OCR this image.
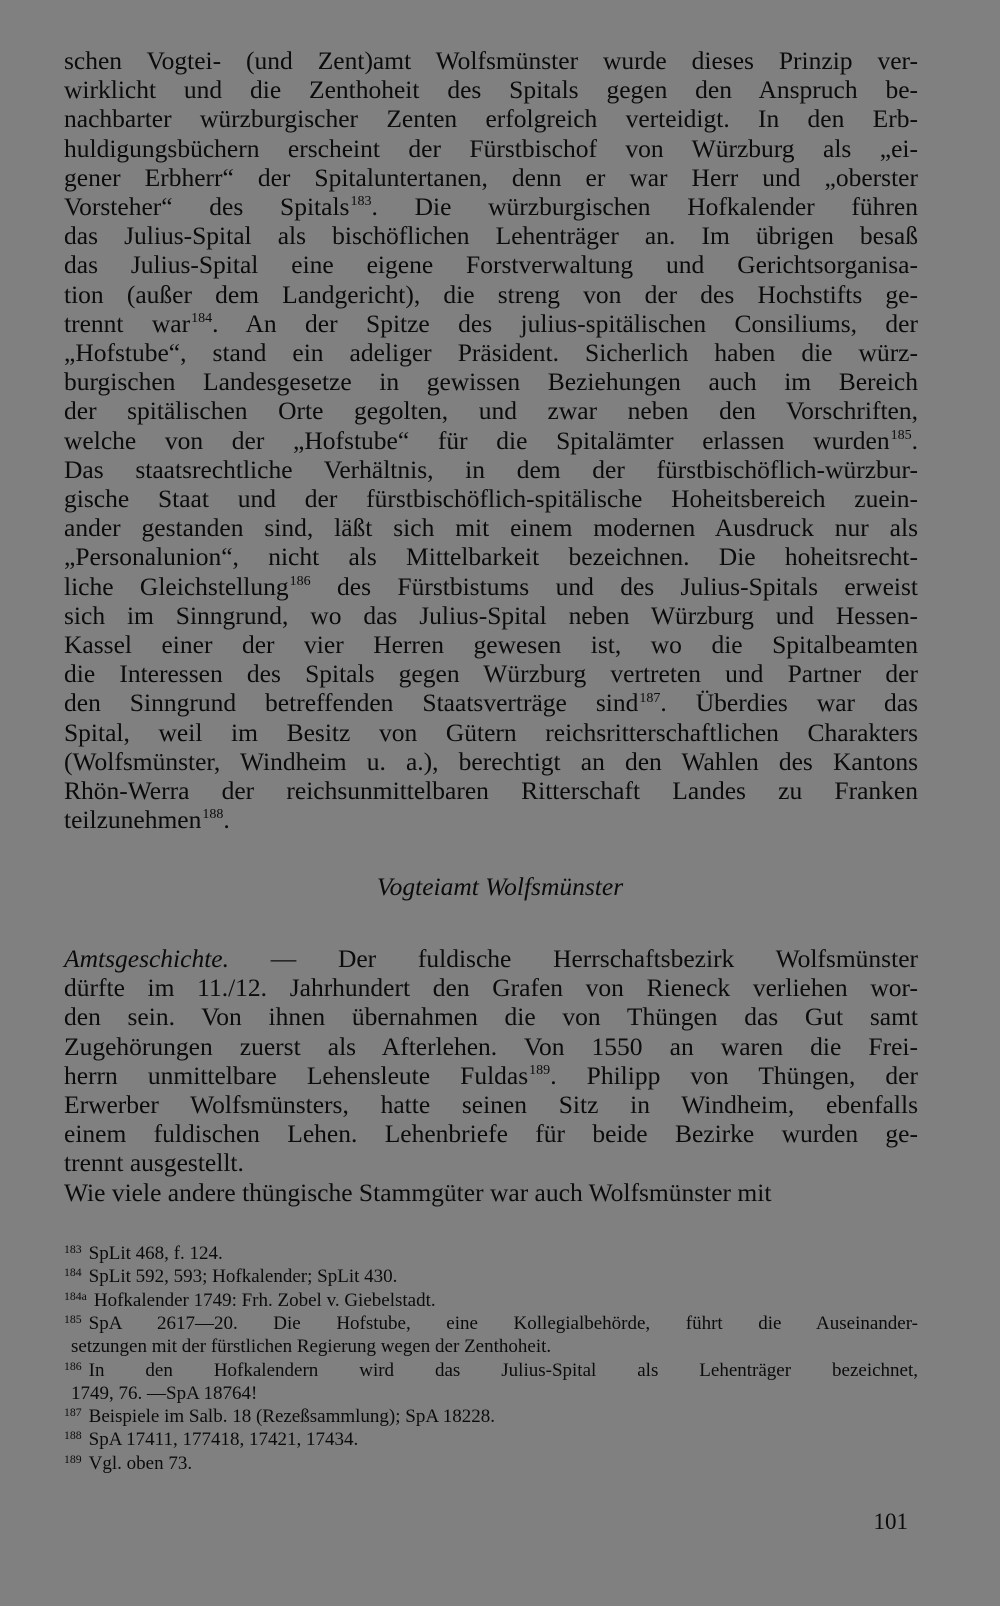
schen Vogtei- (und Zent)amt Wolfsmünster wurde dieses Prinzip ver-
wirklicht und die Zenthoheit des Spitals gegen den Anspruch be-
nachbarter würzburgischer Zenten erfolgreich verteidigt. In den Erb-
huldigungsbüchern erscheint der Fürstbischof von Würzburg als „ei-
gener Erbherr“ der Spitaluntertanen, denn er war Herr und „oberster
Vorsteher“ des Spitals$^{183}$. Die würzburgischen Hofkalender führen
das Julius-Spital als bischöflichen Lehenträger an. Im übrigen besaß
das Julius-Spital eine eigene Forstverwaltung und Gerichtsorganisa-
tion (außer dem Landgericht), die streng von der des Hochstifts ge-
trennt war$^{184}$. An der Spitze des julius-spitälischen Consiliums, der
„Hofstube“, stand ein adeliger Präsident. Sicherlich haben die würz-
burgischen Landesgesetze in gewissen Beziehungen auch im Bereich
der spitälischen Orte gegolten, und zwar neben den Vorschriften,
welche von der „Hofstube“ für die Spitalämter erlassen wurden$^{185}$.
Das staatsrechtliche Verhältnis, in dem der fürstbischöflich-würzbur-
gische Staat und der fürstbischöflich-spitälische Hoheitsbereich zuein-
ander gestanden sind, läßt sich mit einem modernen Ausdruck nur als
„Personalunion“, nicht als Mittelbarkeit bezeichnen. Die hoheitsrecht-
liche Gleichstellung$^{186}$ des Fürstbistums und des Julius-Spitals erweist
sich im Sinngrund, wo das Julius-Spital neben Würzburg und Hessen-
Kassel einer der vier Herren gewesen ist, wo die Spitalbeamten
die Interessen des Spitals gegen Würzburg vertreten und Partner der
den Sinngrund betreffenden Staatsverträge sind$^{187}$. Überdies war das
Spital, weil im Besitz von Gütern reichsritterschaftlichen Charakters
(Wolfsmünster, Windheim u. a.), berechtigt an den Wahlen des Kantons
Rhön-Werra der reichsunmittelbaren Ritterschaft Landes zu Franken
teilzunehmen$^{188}$.
Vogteiamt Wolfsmünster
Amtsgeschichte. — Der fuldische Herrschaftsbezirk Wolfsmünster
dürfte im 11./12. Jahrhundert den Grafen von Rieneck verliehen wor-
den sein. Von ihnen übernahmen die von Thüngen das Gut samt
Zugehörungen zuerst als Afterlehen. Von 1550 an waren die Frei-
herrn unmittelbare Lehensleute Fuldas$^{189}$. Philipp von Thüngen, der
Erwerber Wolfsmünsters, hatte seinen Sitz in Windheim, ebenfalls
einem fuldischen Lehen. Lehenbriefe für beide Bezirke wurden ge-
trennt ausgestellt.
Wie viele andere thüngische Stammgüter war auch Wolfsmünster mit
$^{183}$ SpLit 468, f. 124.
$^{184}$ SpLit 592, 593; Hofkalender; SpLit 430.
$^{184a}$ Hofkalender 1749: Frh. Zobel v. Giebelstadt.
$^{185}$ SpA 2617—20. Die Hofstube, eine Kollegialbehörde, führt die Auseinander-
setzungen mit der fürstlichen Regierung wegen der Zenthoheit.
$^{186}$ In den Hofkalendern wird das Julius-Spital als Lehenträger bezeichnet,
1749, 76. —SpA 18764!
$^{187}$ Beispiele im Salb. 18 (Rezeßsammlung); SpA 18228.
$^{188}$ SpA 17411, 177418, 17421, 17434.
$^{189}$ Vgl. oben 73.
101
